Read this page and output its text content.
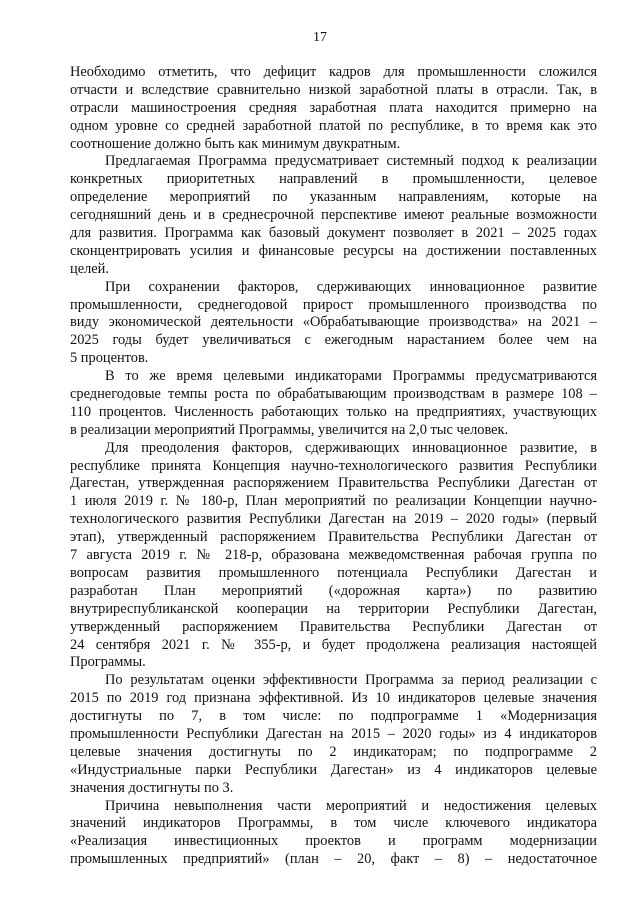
17
Необходимо отметить, что дефицит кадров для промышленности сложился
отчасти и вследствие сравнительно низкой заработной платы в отрасли. Так, в
отрасли машиностроения средняя заработная плата находится примерно на
одном уровне со средней заработной платой по республике, в то время как это
соотношение должно быть как минимум двукратным.
Предлагаемая Программа предусматривает системный подход к реализации
конкретных приоритетных направлений в промышленности, целевое
определение мероприятий по указанным направлениям, которые на
сегодняшний день и в среднесрочной перспективе имеют реальные возможности
для развития. Программа как базовый документ позволяет в 2021 – 2025 годах
сконцентрировать усилия и финансовые ресурсы на достижении поставленных
целей.
При сохранении факторов, сдерживающих инновационное развитие
промышленности, среднегодовой прирост промышленного производства по
виду экономической деятельности «Обрабатывающие производства» на 2021 –
2025 годы будет увеличиваться с ежегодным нарастанием более чем на
5 процентов.
В то же время целевыми индикаторами Программы предусматриваются
среднегодовые темпы роста по обрабатывающим производствам в размере 108 –
110 процентов. Численность работающих только на предприятиях, участвующих
в реализации мероприятий Программы, увеличится на 2,0 тыс человек.
Для преодоления факторов, сдерживающих инновационное развитие, в
республике принята Концепция научно-технологического развития Республики
Дагестан, утвержденная распоряжением Правительства Республики Дагестан от
1 июля 2019 г. № 180-р, План мероприятий по реализации Концепции научно-
технологического развития Республики Дагестан на 2019 – 2020 годы» (первый
этап), утвержденный распоряжением Правительства Республики Дагестан от
7 августа 2019 г. № 218-р, образована межведомственная рабочая группа по
вопросам развития промышленного потенциала Республики Дагестан и
разработан План мероприятий («дорожная карта») по развитию
внутриреспубликанской кооперации на территории Республики Дагестан,
утвержденный распоряжением Правительства Республики Дагестан от
24 сентября 2021 г. № 355-р, и будет продолжена реализация настоящей
Программы.
По результатам оценки эффективности Программа за период реализации с
2015 по 2019 год признана эффективной. Из 10 индикаторов целевые значения
достигнуты по 7, в том числе: по подпрограмме 1 «Модернизация
промышленности Республики Дагестан на 2015 – 2020 годы» из 4 индикаторов
целевые значения достигнуты по 2 индикаторам; по подпрограмме 2
«Индустриальные парки Республики Дагестан» из 4 индикаторов целевые
значения достигнуты по 3.
Причина невыполнения части мероприятий и недостижения целевых
значений индикаторов Программы, в том числе ключевого индикатора
«Реализация инвестиционных проектов и программ модернизации
промышленных предприятий» (план – 20, факт – 8) – недостаточное
